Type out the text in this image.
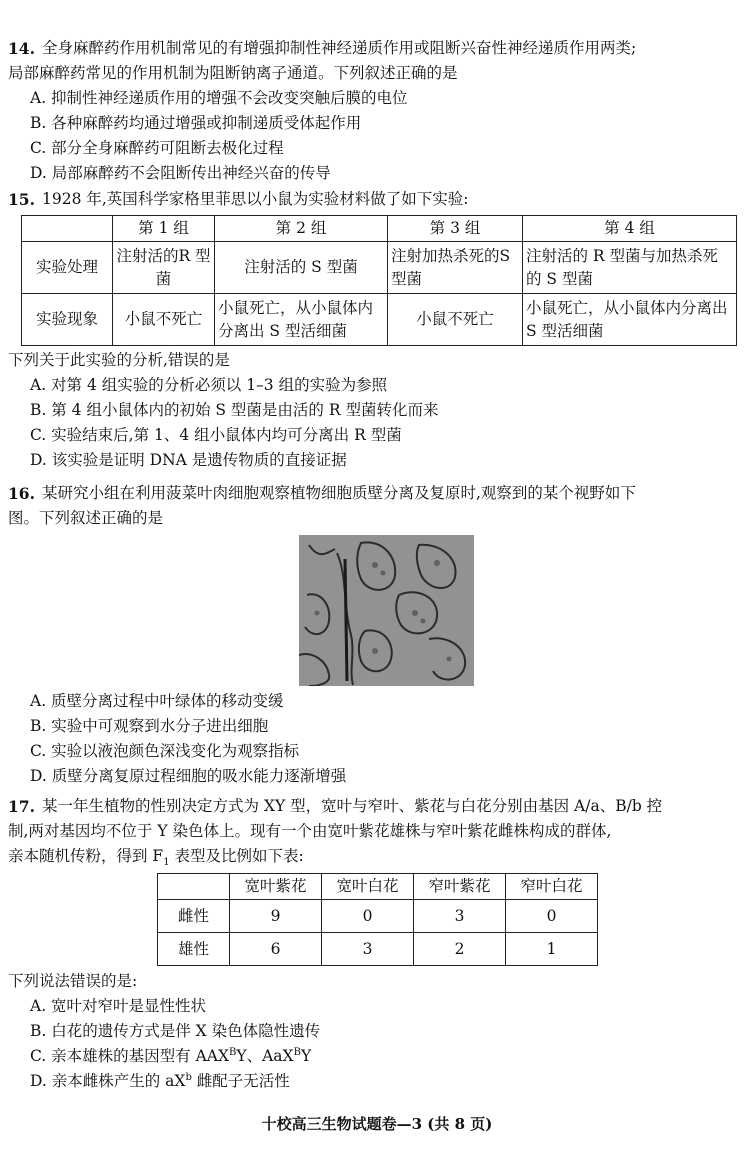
14. 全身麻醉药作用机制常见的有增强抑制性神经递质作用或阻断兴奋性神经递质作用两类;
局部麻醉药常见的作用机制为阻断钠离子通道。下列叙述正确的是
A. 抑制性神经递质作用的增强不会改变突触后膜的电位
B. 各种麻醉药均通过增强或抑制递质受体起作用
C. 部分全身麻醉药可阻断去极化过程
D. 局部麻醉药不会阻断传出神经兴奋的传导
15. 1928 年,英国科学家格里菲思以小鼠为实验材料做了如下实验:
	第 1 组	第 2 组	第 3 组	第 4 组
实验处理	注射活的R 型菌	注射活的 S 型菌	注射加热杀死的S 型菌	注射活的 R 型菌与加热杀死的 S 型菌
实验现象	小鼠不死亡	小鼠死亡，从小鼠体内分离出 S 型活细菌	小鼠不死亡	小鼠死亡，从小鼠体内分离出 S 型活细菌
下列关于此实验的分析,错误的是
A. 对第 4 组实验的分析必须以 1–3 组的实验为参照
B. 第 4 组小鼠体内的初始 S 型菌是由活的 R 型菌转化而来
C. 实验结束后,第 1、4 组小鼠体内均可分离出 R 型菌
D. 该实验是证明 DNA 是遗传物质的直接证据
16. 某研究小组在利用菠菜叶肉细胞观察植物细胞质壁分离及复原时,观察到的某个视野如下
图。下列叙述正确的是
A. 质壁分离过程中叶绿体的移动变缓
B. 实验中可观察到水分子进出细胞
C. 实验以液泡颜色深浅变化为观察指标
D. 质壁分离复原过程细胞的吸水能力逐渐增强
17. 某一年生植物的性别决定方式为 XY 型，宽叶与窄叶、紫花与白花分别由基因 A/a、B/b 控
制,两对基因均不位于 Y 染色体上。现有一个由宽叶紫花雄株与窄叶紫花雌株构成的群体,
亲本随机传粉，得到 $F_1$ 表型及比例如下表:
	宽叶紫花	宽叶白花	窄叶紫花	窄叶白花
雌性	9	0	3	0
雄性	6	3	2	1
下列说法错误的是:
A. 宽叶对窄叶是显性性状
B. 白花的遗传方式是伴 X 染色体隐性遗传
C. 亲本雄株的基因型有 $AAX^BY$、AaX$^B$Y
D. 亲本雌株产生的 $aX^b$ 雌配子无活性
十校高三生物试题卷—3 (共 8 页)
